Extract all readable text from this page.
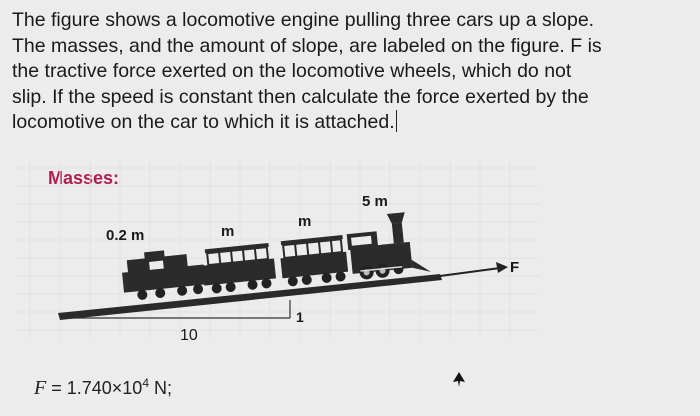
The figure shows a locomotive engine pulling three cars up a slope.
The masses, and the amount of slope, are labeled on the figure. F is
the tractive force exerted on the locomotive wheels, which do not
slip. If the speed is constant then calculate the force exerted by the
locomotive on the car to which it is attached.
Masses:
0.2 m	m
m
5 m
F
10
1
$F = 1.740\times 10^4$ N;
